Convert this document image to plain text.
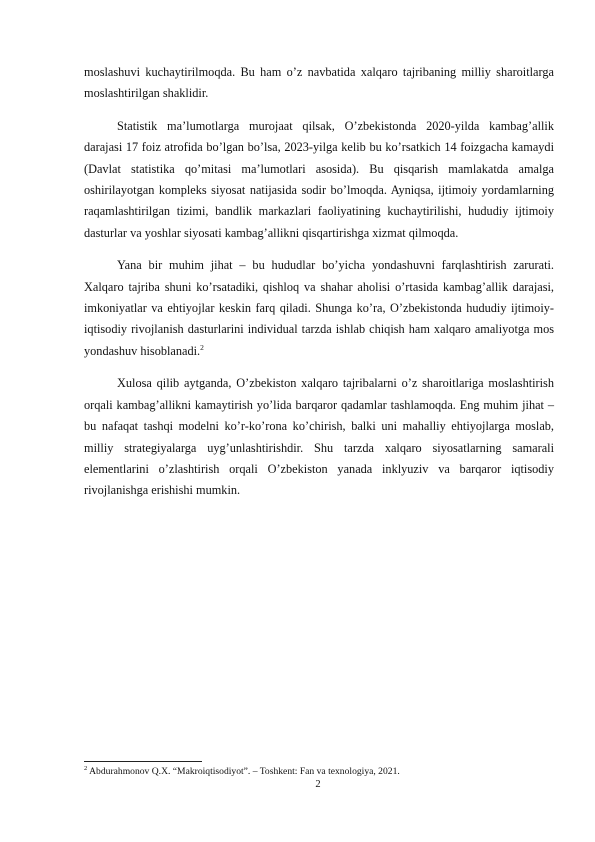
moslashuvi kuchaytirilmoqda. Bu ham o’z navbatida xalqaro tajribaning milliy sharoitlarga moslashtirilgan shaklidir.

Statistik ma’lumotlarga murojaat qilsak, O’zbekistonda 2020-yilda kambag’allik darajasi 17 foiz atrofida bo’lgan bo’lsa, 2023-yilga kelib bu ko’rsatkich 14 foizgacha kamaydi (Davlat statistika qo’mitasi ma’lumotlari asosida). Bu qisqarish mamlakatda amalga oshirilayotgan kompleks siyosat natijasida sodir bo’lmoqda. Ayniqsa, ijtimoiy yordamlarning raqamlashtirilgan tizimi, bandlik markazlari faoliyatining kuchaytirilishi, hududiy ijtimoiy dasturlar va yoshlar siyosati kambag’allikni qisqartirishga xizmat qilmoqda.

Yana bir muhim jihat – bu hududlar bo’yicha yondashuvni farqlashtirish zarurati. Xalqaro tajriba shuni ko’rsatadiki, qishloq va shahar aholisi o’rtasida kambag’allik darajasi, imkoniyatlar va ehtiyojlar keskin farq qiladi. Shunga ko’ra, O’zbekistonda hududiy ijtimoiy-iqtisodiy rivojlanish dasturlarini individual tarzda ishlab chiqish ham xalqaro amaliyotga mos yondashuv hisoblanadi.$^2$

Xulosa qilib aytganda, O’zbekiston xalqaro tajribalarni o’z sharoitlariga moslashtirish orqali kambag’allikni kamaytirish yo’lida barqaror qadamlar tashlamoqda. Eng muhim jihat – bu nafaqat tashqi modelni ko’r-ko’rona ko’chirish, balki uni mahalliy ehtiyojlarga moslab, milliy strategiyalarga uyg’unlashtirishdir. Shu tarzda xalqaro siyosatlarning samarali elementlarini o’zlashtirish orqali O’zbekiston yanada inklyuziv va barqaror iqtisodiy rivojlanishga erishishi mumkin.

$^2$ Abdurahmonov Q.X. “Makroiqtisodiyot”. – Toshkent: Fan va texnologiya, 2021.
2
